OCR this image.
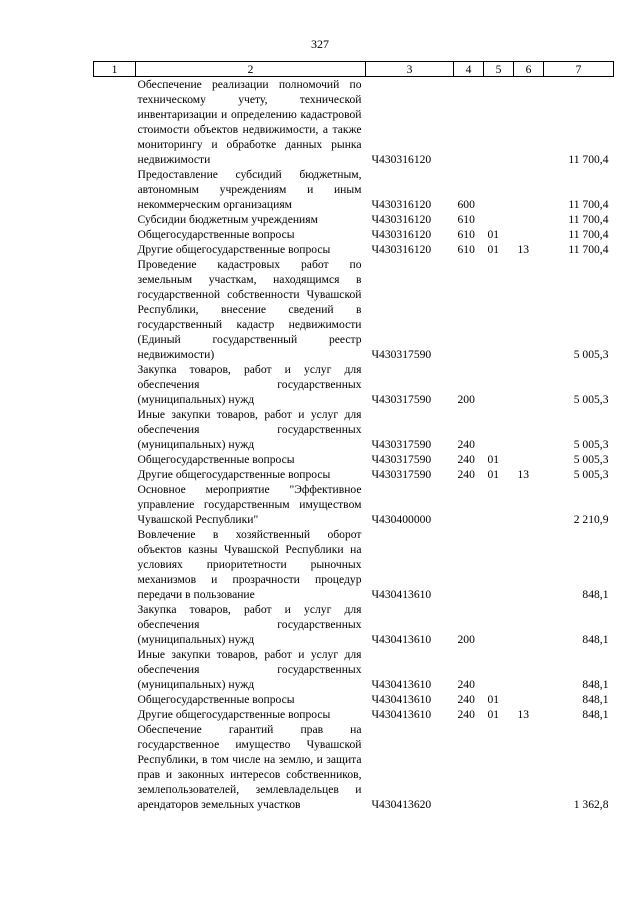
327
1	2	3	4	5	6	7
	Обеспечение реализации полномочий по техническому учету, технической инвентаризации и определению кадастровой стоимости объектов недвижимости, а также мониторингу и обработке данных рынка недвижимости	Ч430316120				11 700,4
	Предоставление субсидий бюджетным, автономным учреждениям и иным некоммерческим организациям	Ч430316120	600			11 700,4
	Субсидии бюджетным учреждениям	Ч430316120	610			11 700,4
	Общегосударственные вопросы	Ч430316120	610	01		11 700,4
	Другие общегосударственные вопросы	Ч430316120	610	01	13	11 700,4
	Проведение кадастровых работ по земельным участкам, находящимся в государственной собственности Чувашской Республики, внесение сведений в государственный кадастр недвижимости (Единый государственный реестр недвижимости)	Ч430317590				5 005,3
	Закупка товаров, работ и услуг для обеспечения государственных (муниципальных) нужд	Ч430317590	200			5 005,3
	Иные закупки товаров, работ и услуг для обеспечения государственных (муниципальных) нужд	Ч430317590	240			5 005,3
	Общегосударственные вопросы	Ч430317590	240	01		5 005,3
	Другие общегосударственные вопросы	Ч430317590	240	01	13	5 005,3
	Основное мероприятие "Эффективное управление государственным имуществом Чувашской Республики"	Ч430400000				2 210,9
	Вовлечение в хозяйственный оборот объектов казны Чувашской Республики на условиях приоритетности рыночных механизмов и прозрачности процедур передачи в пользование	Ч430413610				848,1
	Закупка товаров, работ и услуг для обеспечения государственных (муниципальных) нужд	Ч430413610	200			848,1
	Иные закупки товаров, работ и услуг для обеспечения государственных (муниципальных) нужд	Ч430413610	240			848,1
	Общегосударственные вопросы	Ч430413610	240	01		848,1
	Другие общегосударственные вопросы	Ч430413610	240	01	13	848,1
	Обеспечение гарантий прав на государственное имущество Чувашской Республики, в том числе на землю, и защита прав и законных интересов собственников, землепользователей, землевладельцев и арендаторов земельных участков	Ч430413620				1 362,8
